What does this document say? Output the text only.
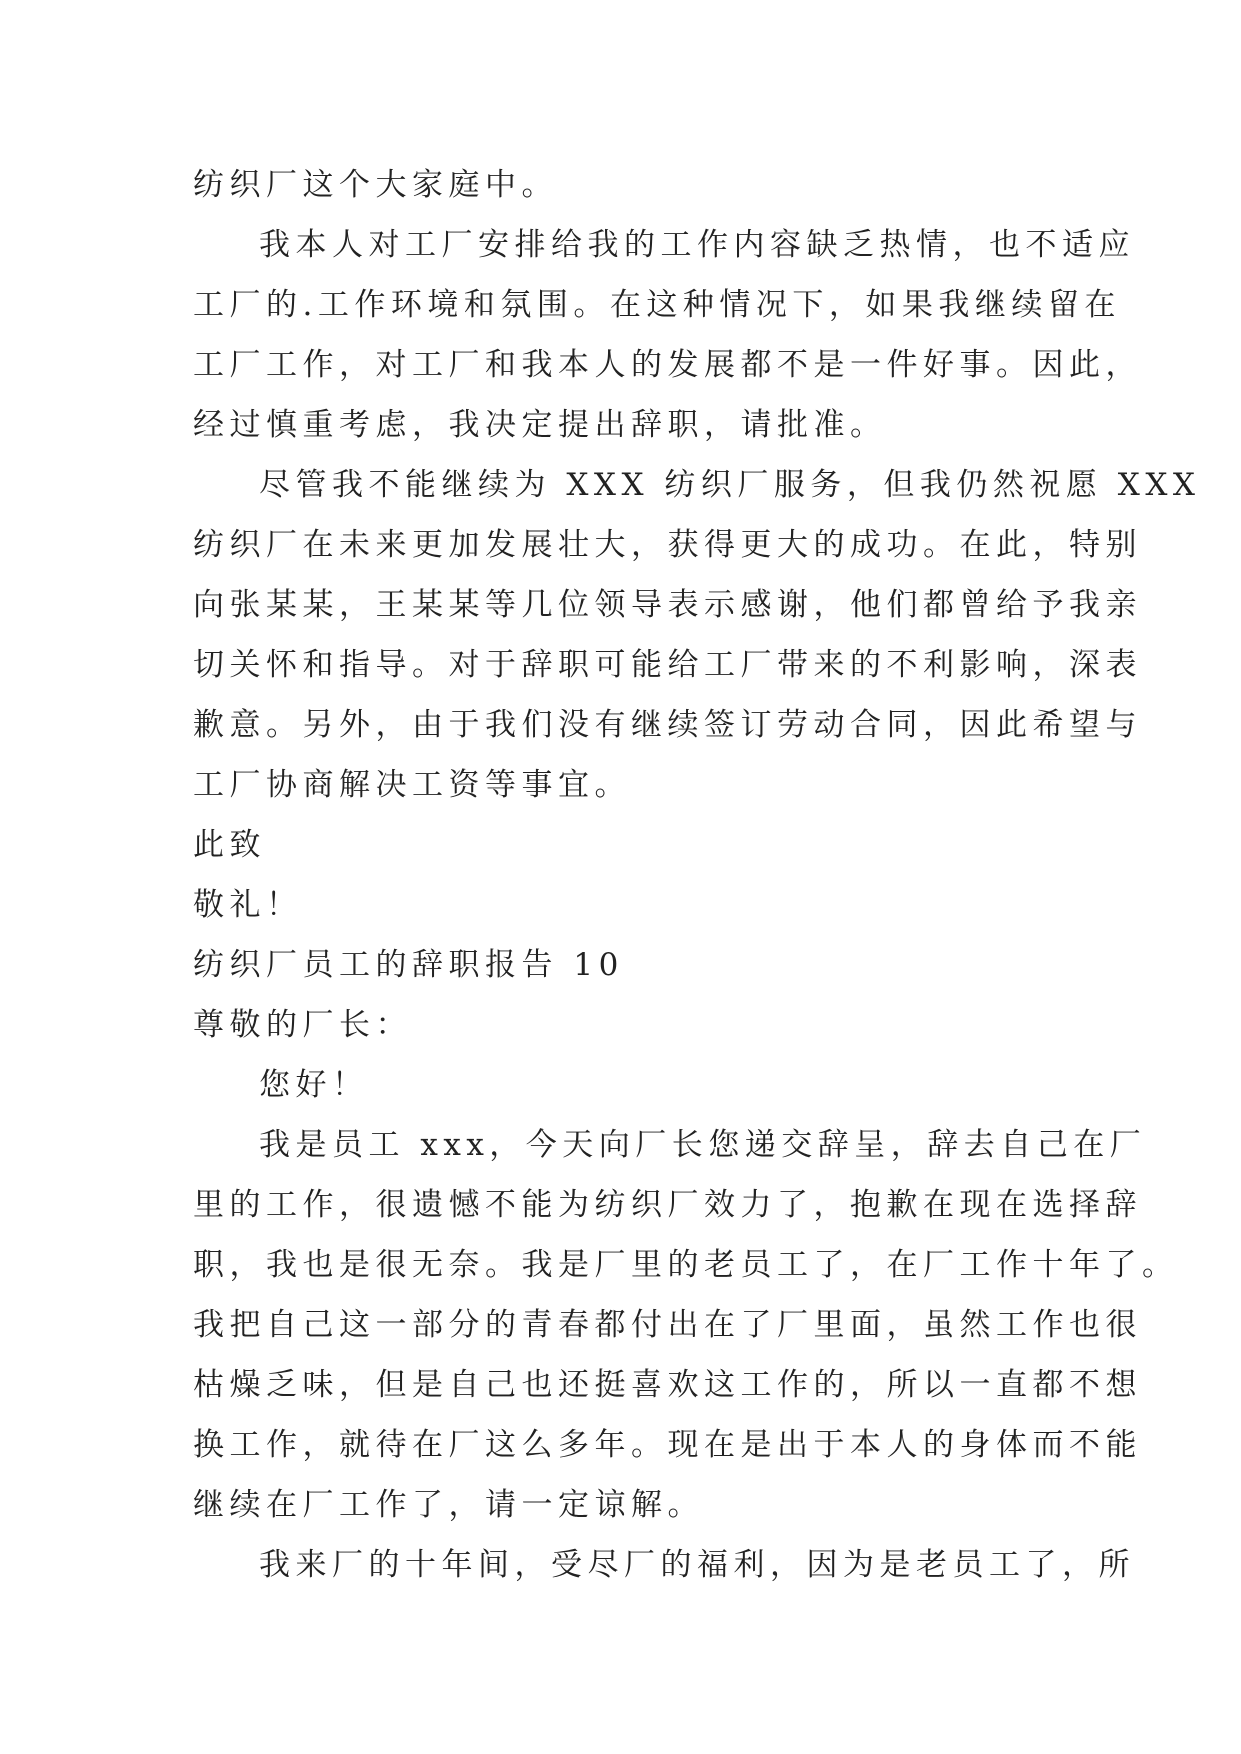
纺织厂这个大家庭中。
我本人对工厂安排给我的工作内容缺乏热情，也不适应
工厂的.工作环境和氛围。在这种情况下，如果我继续留在
工厂工作，对工厂和我本人的发展都不是一件好事。因此，
经过慎重考虑，我决定提出辞职，请批准。
尽管我不能继续为 XXX 纺织厂服务，但我仍然祝愿 XXX
纺织厂在未来更加发展壮大，获得更大的成功。在此，特别
向张某某，王某某等几位领导表示感谢，他们都曾给予我亲
切关怀和指导。对于辞职可能给工厂带来的不利影响，深表
歉意。另外，由于我们没有继续签订劳动合同，因此希望与
工厂协商解决工资等事宜。
此致
敬礼！
纺织厂员工的辞职报告 10
尊敬的厂长：
您好！
我是员工 xxx，今天向厂长您递交辞呈，辞去自己在厂
里的工作，很遗憾不能为纺织厂效力了，抱歉在现在选择辞
职，我也是很无奈。我是厂里的老员工了，在厂工作十年了。
我把自己这一部分的青春都付出在了厂里面，虽然工作也很
枯燥乏味，但是自己也还挺喜欢这工作的，所以一直都不想
换工作，就待在厂这么多年。现在是出于本人的身体而不能
继续在厂工作了，请一定谅解。
我来厂的十年间，受尽厂的福利，因为是老员工了，所
